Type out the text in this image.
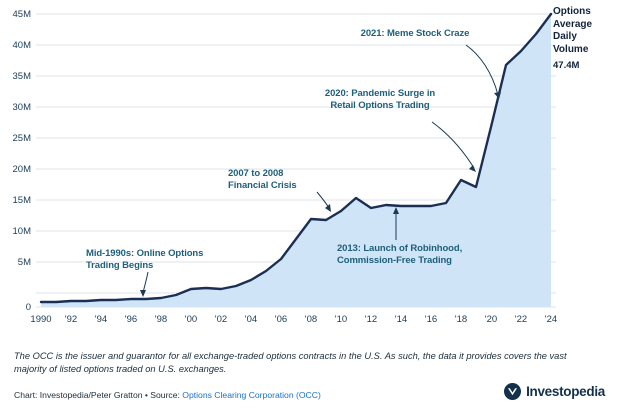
45M
40M
35M
30M
25M
20M
15M
10M
5M
0
1990 '92 '94 '96 '98 '00 '02 '04 '06 '08 '10 '12 '14 '16 '18 '20 '22 '24
Mid-1990s: Online Options
Trading Begins
2007 to 2008
Financial Crisis
2013: Launch of Robinhood,
Commission-Free Trading
2020: Pandemic Surge in
Retail Options Trading
2021: Meme Stock Craze
Options
Average
Daily
Volume
47.4M
The OCC is the issuer and guarantor for all exchange-traded options contracts in the U.S. As such, the data it provides covers the vast majority of listed options traded on U.S. exchanges.
Chart: Investopedia/Peter Gratton • Source: Options Clearing Corporation (OCC)	Investopedia
